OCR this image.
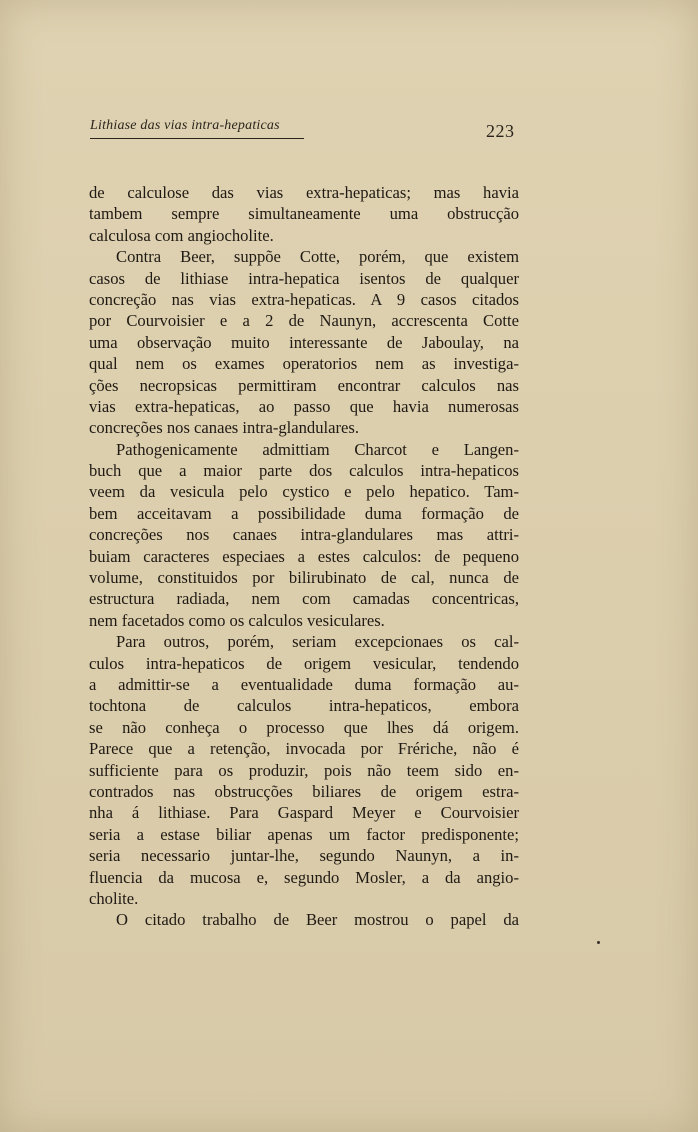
Lithiase das vias intra-hepaticas	223
de calculose das vias extra-hepaticas; mas havia
tambem sempre simultaneamente uma obstrucção
calculosa com angiocholite.
Contra Beer, suppõe Cotte, porém, que existem
casos de lithiase intra-hepatica isentos de qualquer
concreção nas vias extra-hepaticas. A 9 casos citados
por Courvoisier e a 2 de Naunyn, accrescenta Cotte
uma observação muito interessante de Jaboulay, na
qual nem os exames operatorios nem as investiga-
ções necropsicas permittiram encontrar calculos nas
vias extra-hepaticas, ao passo que havia numerosas
concreções nos canaes intra-glandulares.
Pathogenicamente admittiam Charcot e Langen-
buch que a maior parte dos calculos intra-hepaticos
veem da vesicula pelo cystico e pelo hepatico. Tam-
bem acceitavam a possibilidade duma formação de
concreções nos canaes intra-glandulares mas attri-
buiam caracteres especiaes a estes calculos: de pequeno
volume, constituidos por bilirubinato de cal, nunca de
estructura radiada, nem com camadas concentricas,
nem facetados como os calculos vesiculares.
Para outros, porém, seriam excepcionaes os cal-
culos intra-hepaticos de origem vesicular, tendendo
a admittir-se a eventualidade duma formação au-
tochtona de calculos intra-hepaticos, embora
se não conheça o processo que lhes dá origem.
Parece que a retenção, invocada por Frériche, não é
sufficiente para os produzir, pois não teem sido en-
contrados nas obstrucções biliares de origem estra-
nha á lithiase. Para Gaspard Meyer e Courvoisier
seria a estase biliar apenas um factor predisponente;
seria necessario juntar-lhe, segundo Naunyn, a in-
fluencia da mucosa e, segundo Mosler, a da angio-
cholite.
O citado trabalho de Beer mostrou o papel da
